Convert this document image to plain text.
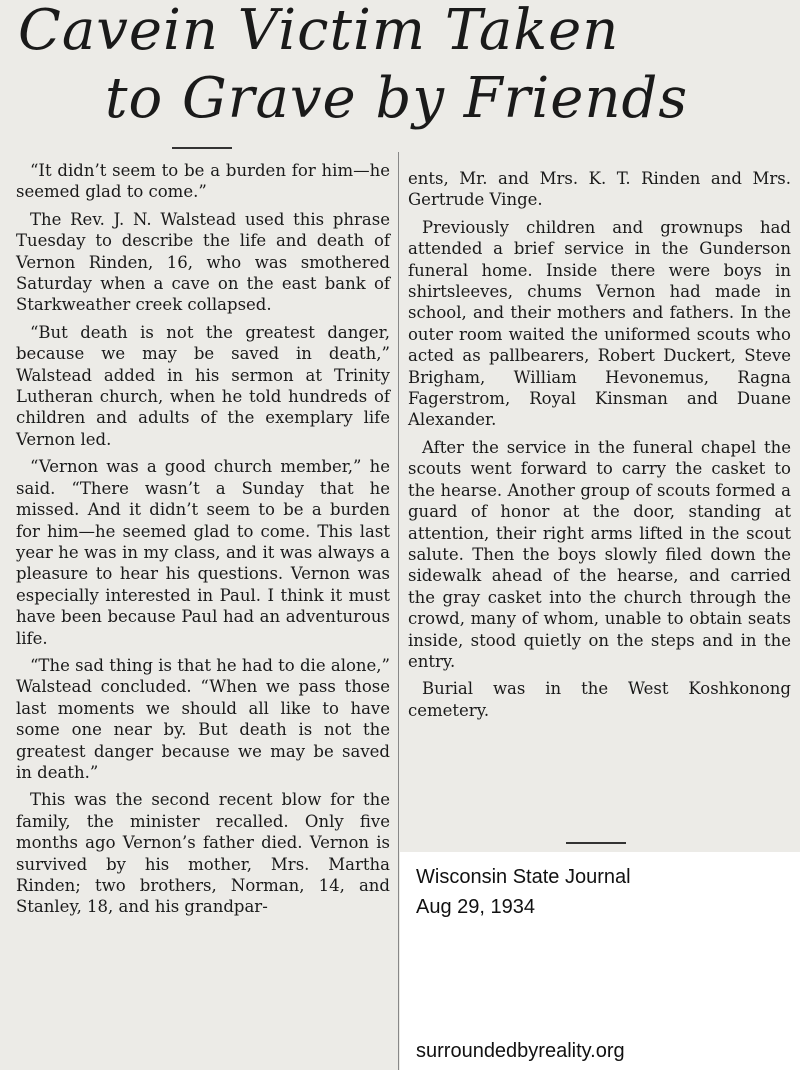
Cavein Victim Taken
to Grave by Friends

“It didn’t seem to be a burden for him—he seemed glad to come.”

The Rev. J. N. Walstead used this phrase Tuesday to describe the life and death of Vernon Rinden, 16, who was smothered Saturday when a cave on the east bank of Starkweather creek collapsed.

“But death is not the greatest danger, because we may be saved in death,” Walstead added in his sermon at Trinity Lutheran church, when he told hundreds of children and adults of the exemplary life Vernon led.

“Vernon was a good church member,” he said. “There wasn’t a Sunday that he missed. And it didn’t seem to be a burden for him—he seemed glad to come. This last year he was in my class, and it was always a pleasure to hear his questions. Vernon was especially interested in Paul. I think it must have been because Paul had an adventurous life.

“The sad thing is that he had to die alone,” Walstead concluded. “When we pass those last moments we should all like to have some one near by. But death is not the greatest danger because we may be saved in death.”

This was the second recent blow for the family, the minister recalled. Only five months ago Vernon’s father died. Vernon is survived by his mother, Mrs. Martha Rinden; two brothers, Norman, 14, and Stanley, 18, and his grandpar-

ents, Mr. and Mrs. K. T. Rinden and Mrs. Gertrude Vinge.

Previously children and grownups had attended a brief service in the Gunderson funeral home. Inside there were boys in shirtsleeves, chums Vernon had made in school, and their mothers and fathers. In the outer room waited the uniformed scouts who acted as pallbearers, Robert Duckert, Steve Brigham, William Hevonemus, Ragna Fagerstrom, Royal Kinsman and Duane Alexander.

After the service in the funeral chapel the scouts went forward to carry the casket to the hearse. Another group of scouts formed a guard of honor at the door, standing at attention, their right arms lifted in the scout salute. Then the boys slowly filed down the sidewalk ahead of the hearse, and carried the gray casket into the church through the crowd, many of whom, unable to obtain seats inside, stood quietly on the steps and in the entry.

Burial was in the West Koshkonong cemetery.

Wisconsin State Journal
Aug 29, 1934
surroundedbyreality.org
